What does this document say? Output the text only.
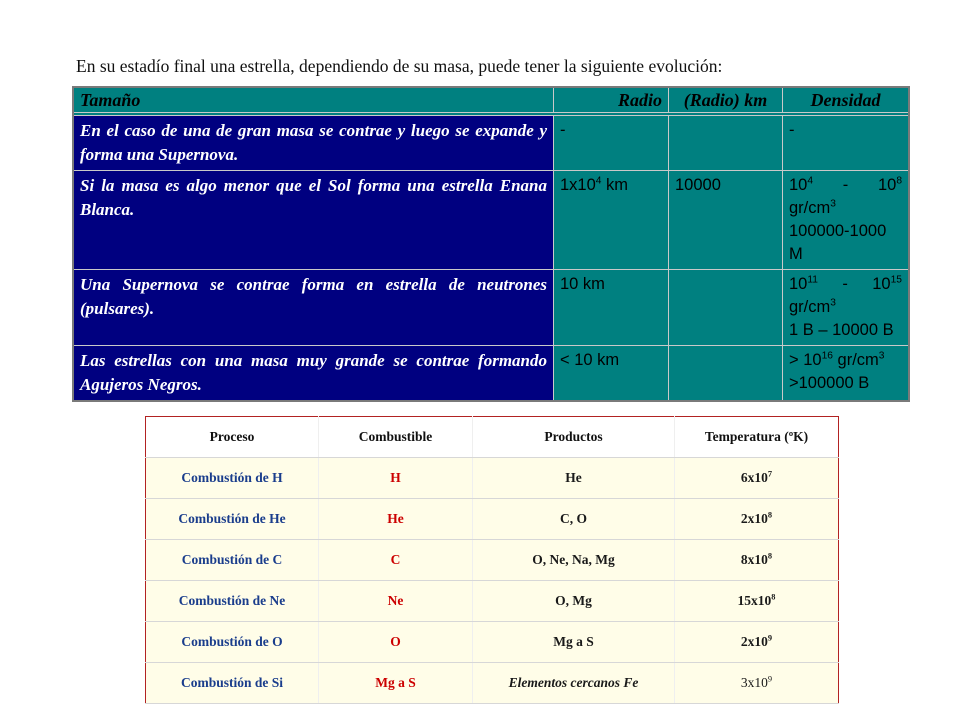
En su estadío final una estrella, dependiendo de su masa, puede tener la siguiente evolución:
Tamaño	Radio	(Radio) km	Densidad

En el caso de una de gran masa se contrae y luego se expande y forma una Supernova.	-		-
Si la masa es algo menor que el Sol forma una estrella Enana Blanca.	$1x10^4$ km	10000	$10^4 - 10^8$
$gr/cm^3$
100000-1000 M

Una Supernova se contrae forma en estrella de neutrones (pulsares).	10 km		$10^{11} - 10^{15}$
$gr/cm^3$
1 B – 10000 B

Las estrellas con una masa muy grande se contrae formando Agujeros Negros.	< 10 km		> $10^{16}$ $gr/cm^3$
>100000 B
Proceso	Combustible	Productos	Temperatura (ºK)
Combustión de H	H	He	$6x10^7$
Combustión de He	He	C, O	$2x10^8$
Combustión de C	C	O, Ne, Na, Mg	$8x10^8$
Combustión de Ne	Ne	O, Mg	$15x10^8$
Combustión de O	O	Mg a S	$2x10^9$
Combustión de Si	Mg a S	Elementos cercanos Fe	$3x10^9$
